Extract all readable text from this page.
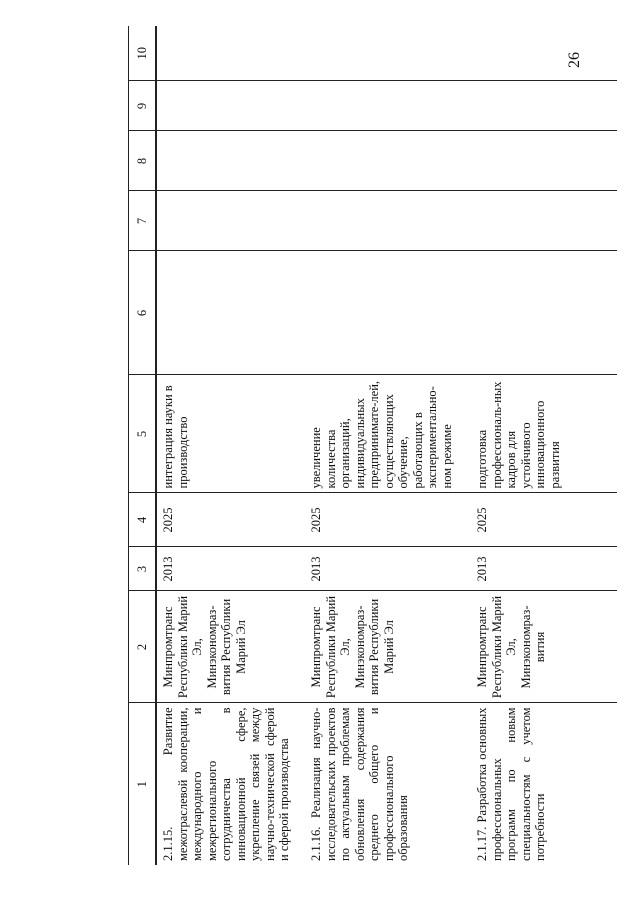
26
1	2	3	4	5	6	7	8	9	10
2.1.15. Развитие межотраслевой кооперации, международного и межрегионального сотрудничества в инновационной сфере, укрепление связей между научно-технической сферой и сферой производства	Минпромтранс Республики Марий Эл, Минэкономраз-вития Республики Марий Эл	2013	2025	интеграция науки в производство					
2.1.16. Реализация научно-исследовательских проектов по актуальным проблемам обновления содержания среднего общего и профессионального образования	Минпромтранс Республики Марий Эл, Минэкономраз-вития Республики Марий Эл	2013	2025	увеличение количества организаций, индивидуальных предпринимате-лей, осуществляющих обучение, работающих в экспериментально-ном режиме					
2.1.17. Разработка основных профессиональных программ по новым специальностям с учетом потребности	Минпромтранс Республики Марий Эл, Минэкономраз-вития	2013	2025	подготовка профессиональ-ных кадров для устойчивого инновационного развития					
